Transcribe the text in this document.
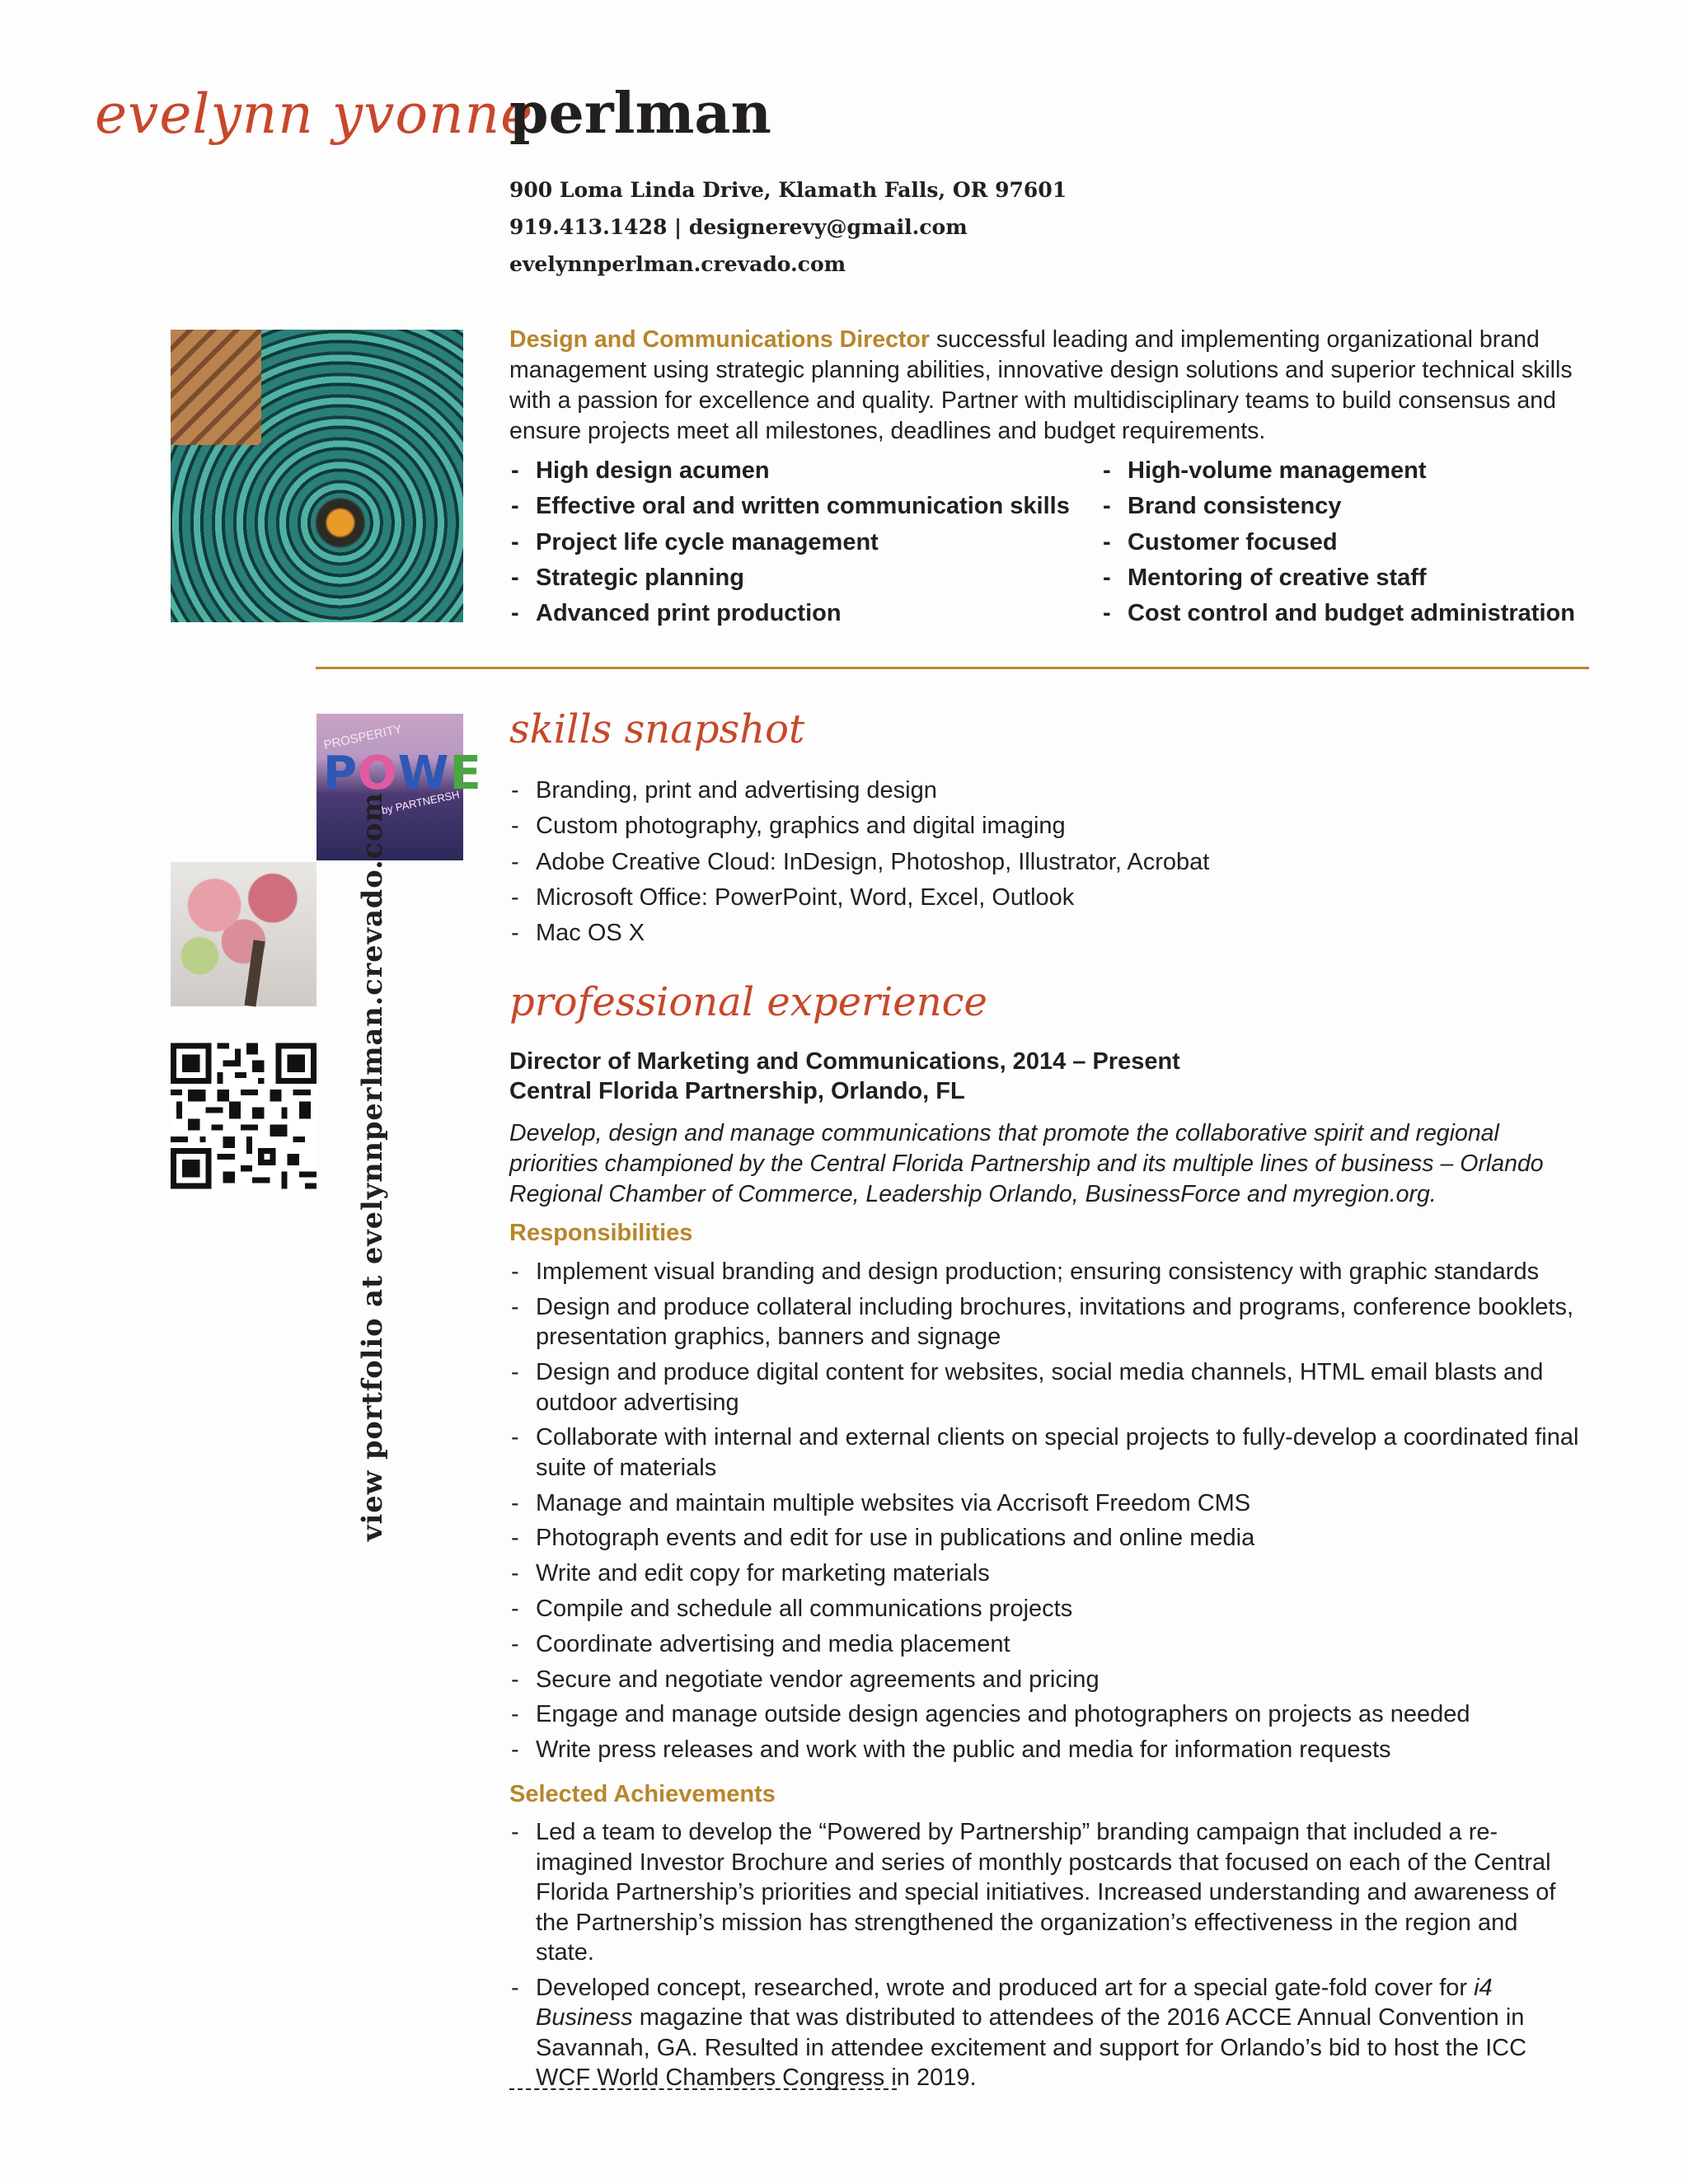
evelynn yvonne
perlman
900 Loma Linda Drive, Klamath Falls, OR 97601
919.413.1428 | designerevy@gmail.com
evelynnperlman.crevado.com
Design and Communications Director successful leading and implementing organizational brand management using strategic planning abilities, innovative design solutions and superior technical skills with a passion for excellence and quality. Partner with multidisciplinary teams to build consensus and ensure projects meet all milestones, deadlines and budget requirements.
- High design acumen
- Effective oral and written communication skills
- Project life cycle management
- Strategic planning
- Advanced print production
- High-volume management
- Brand consistency
- Customer focused
- Mentoring of creative staff
- Cost control and budget administration
PROSPERITY
POWE
by PARTNERSH
view portfolio at evelynnperlman.crevado.com
skills snapshot
- Branding, print and advertising design
- Custom photography, graphics and digital imaging
- Adobe Creative Cloud: InDesign, Photoshop, Illustrator, Acrobat
- Microsoft Office: PowerPoint, Word, Excel, Outlook
- Mac OS X
professional experience
Director of Marketing and Communications, 2014 – Present
Central Florida Partnership, Orlando, FL
Develop, design and manage communications that promote the collaborative spirit and regional priorities championed by the Central Florida Partnership and its multiple lines of business – Orlando Regional Chamber of Commerce, Leadership Orlando, BusinessForce and myregion.org.
Responsibilities
- Implement visual branding and design production; ensuring consistency with graphic standards
- Design and produce collateral including brochures, invitations and programs, conference booklets, presentation graphics, banners and signage
- Design and produce digital content for websites, social media channels, HTML email blasts and outdoor advertising
- Collaborate with internal and external clients on special projects to fully-develop a coordinated final suite of materials
- Manage and maintain multiple websites via Accrisoft Freedom CMS
- Photograph events and edit for use in publications and online media
- Write and edit copy for marketing materials
- Compile and schedule all communications projects
- Coordinate advertising and media placement
- Secure and negotiate vendor agreements and pricing
- Engage and manage outside design agencies and photographers on projects as needed
- Write press releases and work with the public and media for information requests
Selected Achievements
- Led a team to develop the “Powered by Partnership” branding campaign that included a re-imagined Investor Brochure and series of monthly postcards that focused on each of the Central Florida Partnership’s priorities and special initiatives. Increased understanding and awareness of the Partnership’s mission has strengthened the organization’s effectiveness in the region and state.
- Developed concept, researched, wrote and produced art for a special gate-fold cover for i4 Business magazine that was distributed to attendees of the 2016 ACCE Annual Convention in Savannah, GA. Resulted in attendee excitement and support for Orlando’s bid to host the ICC WCF World Chambers Congress in 2019.
